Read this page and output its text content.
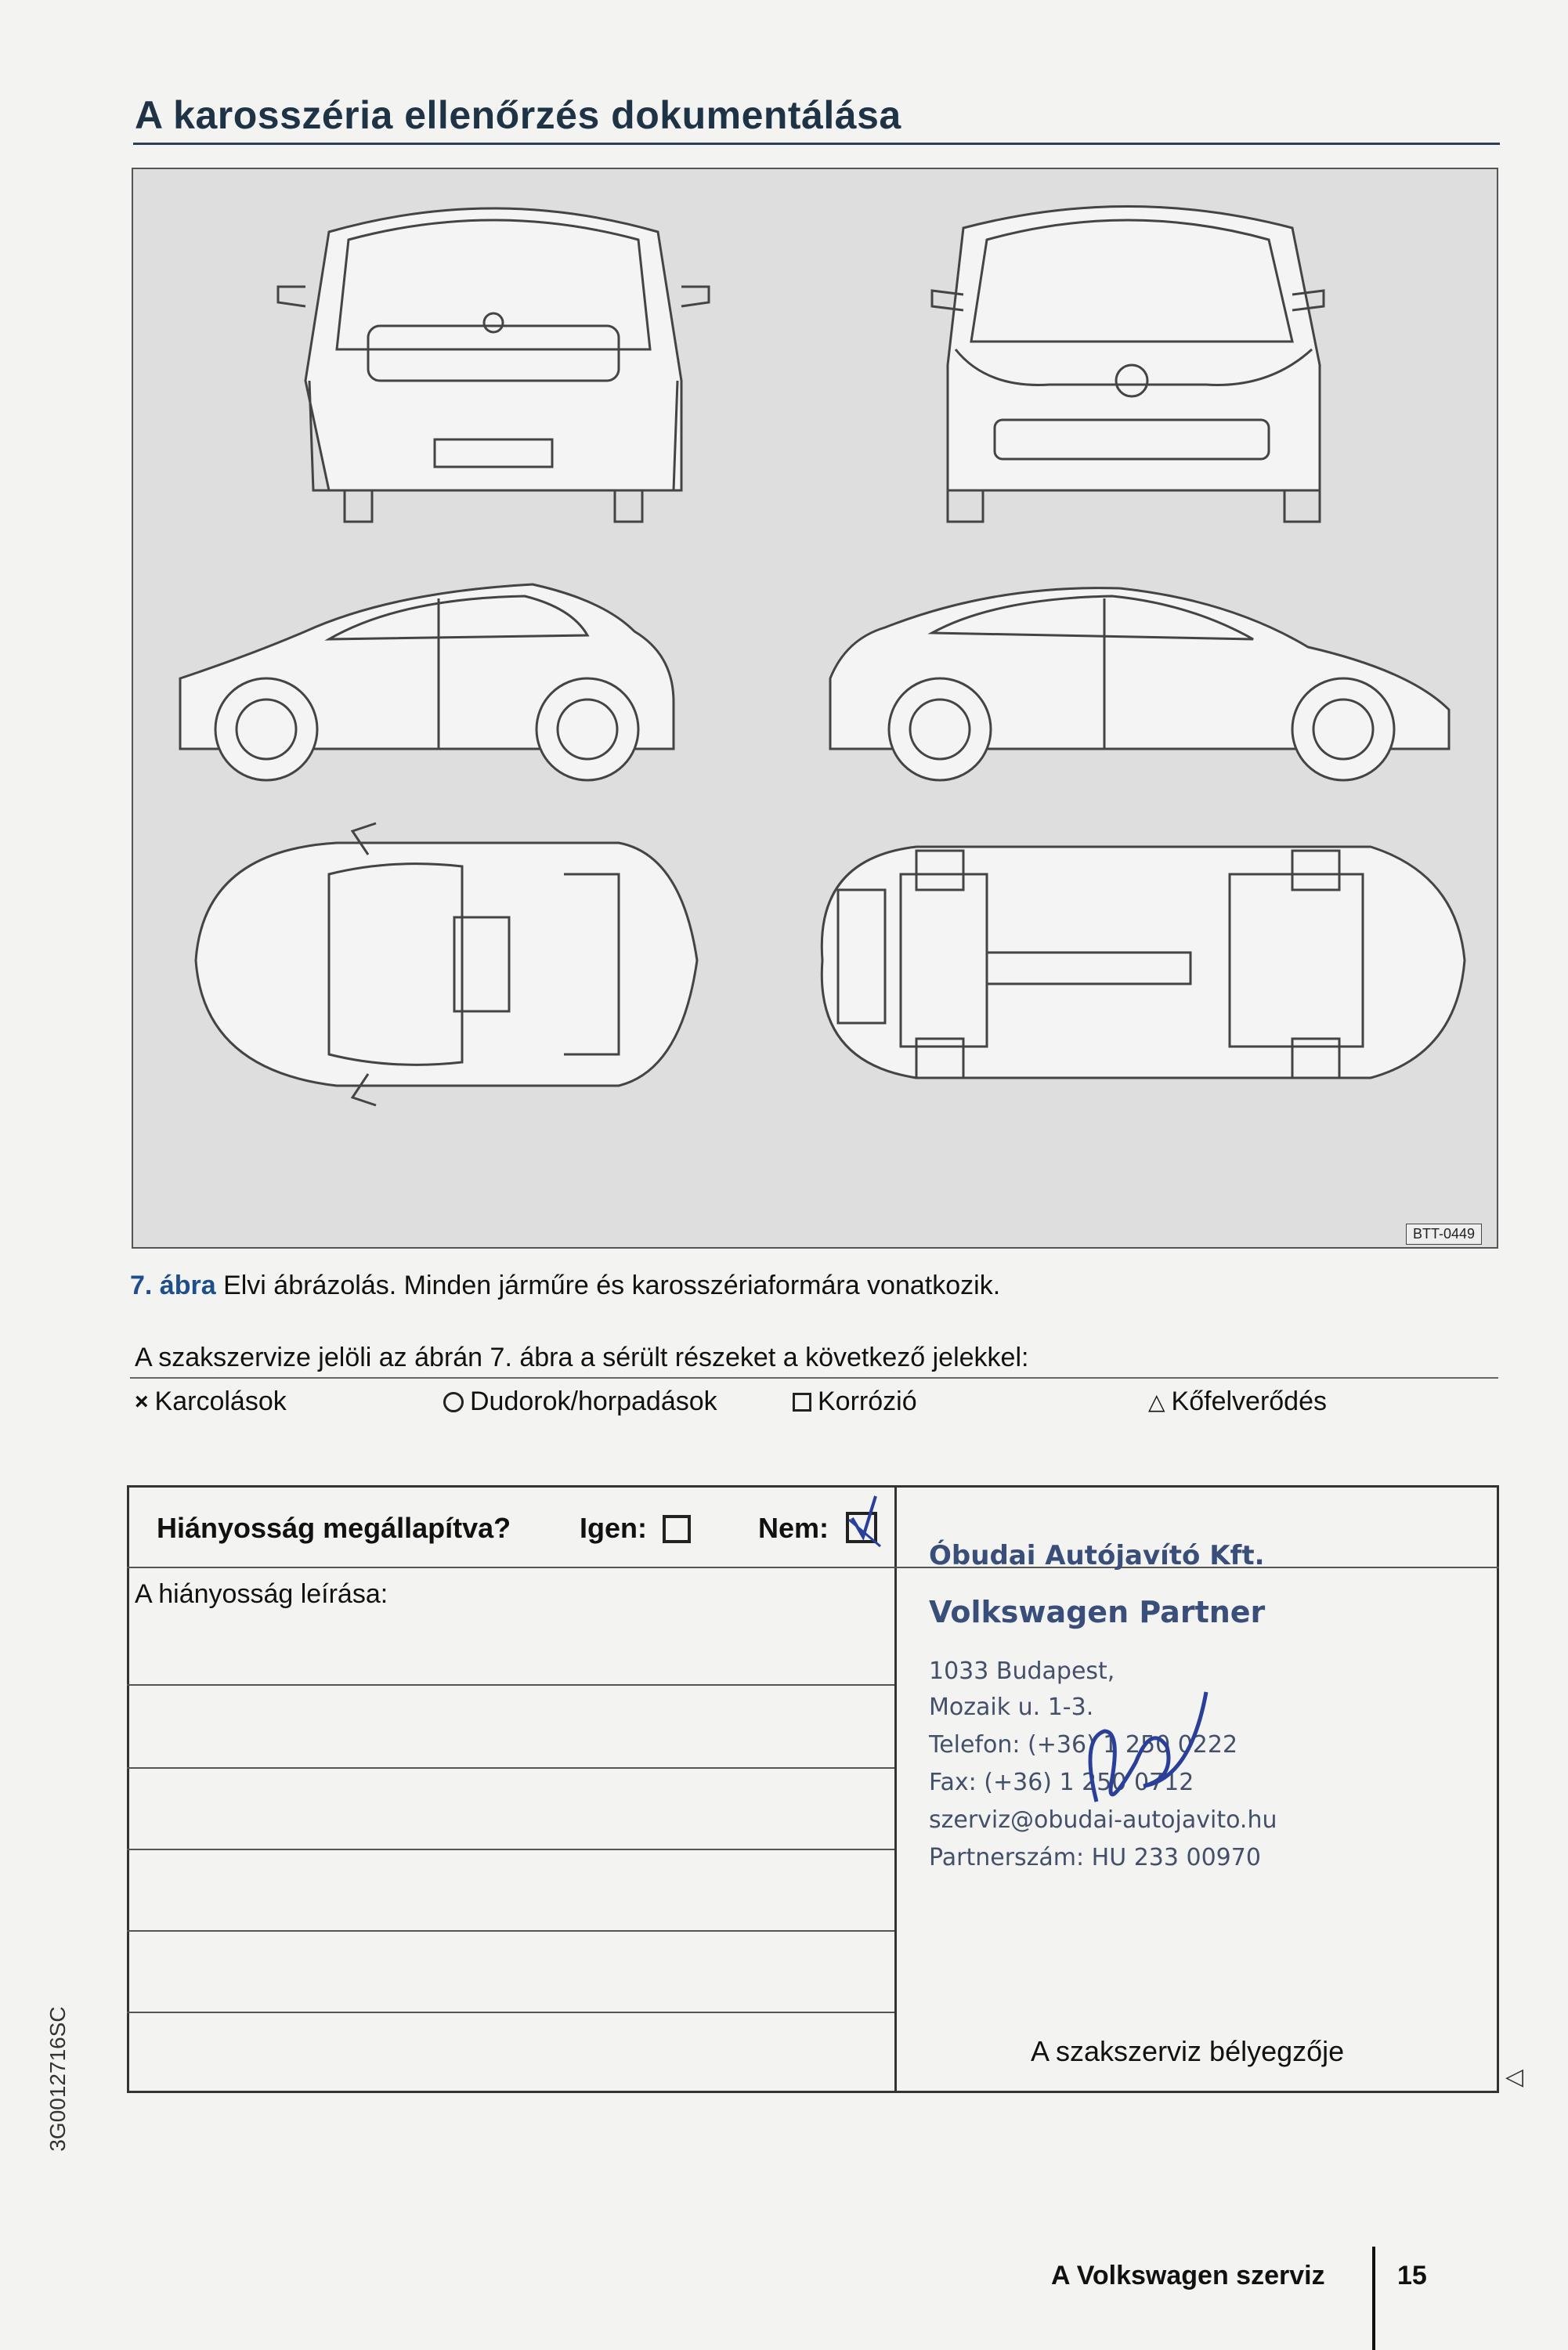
A karosszéria ellenőrzés dokumentálása
BTT-0449
7. ábra Elvi ábrázolás. Minden járműre és karosszériaformára vonatkozik.
A szakszervize jelöli az ábrán 7. ábra a sérült részeket a következő jelekkel:
× Karcolások	Dudorok/horpadások	Korrózió	△ Kőfelverődés
Hiányosság megállapítva? Igen:	Nem:
A hiányosság leírása:
Óbudai Autójavító Kft.
Volkswagen Partner
1033 Budapest,
Mozaik u. 1-3.
Telefon: (+36) 1 250 0222
Fax: (+36) 1 250 0712
szerviz@obudai-autojavito.hu
Partnerszám: HU 233 00970
A szakszerviz bélyegzője
3G0012716SC	◁
A Volkswagen szerviz	15
